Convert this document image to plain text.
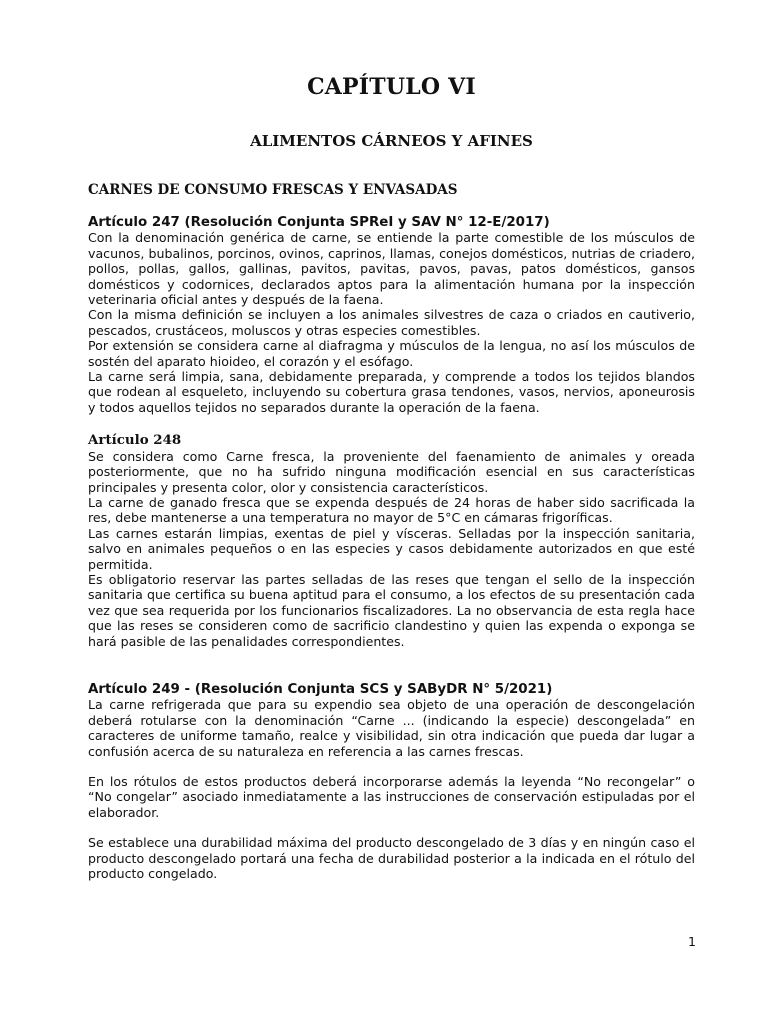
CAPÍTULO VI
ALIMENTOS CÁRNEOS Y AFINES
CARNES DE CONSUMO FRESCAS Y ENVASADAS

Artículo 247 (Resolución Conjunta SPReI y SAV N° 12-E/2017)

Con la denominación genérica de carne, se entiende la parte comestible de los músculos de vacunos, bubalinos, porcinos, ovinos, caprinos, llamas, conejos domésticos, nutrias de criadero, pollos, pollas, gallos, gallinas, pavitos, pavitas, pavos, pavas, patos domésticos, gansos domésticos y codornices, declarados aptos para la alimentación humana por la inspección veterinaria oficial antes y después de la faena.

Con la misma definición se incluyen a los animales silvestres de caza o criados en cautiverio, pescados, crustáceos, moluscos y otras especies comestibles.

Por extensión se considera carne al diafragma y músculos de la lengua, no así los músculos de sostén del aparato hioideo, el corazón y el esófago.

La carne será limpia, sana, debidamente preparada, y comprende a todos los tejidos blandos que rodean al esqueleto, incluyendo su cobertura grasa tendones, vasos, nervios, aponeurosis y todos aquellos tejidos no separados durante la operación de la faena.

Artículo 248

Se considera como Carne fresca, la proveniente del faenamiento de animales y oreada posteriormente, que no ha sufrido ninguna modificación esencial en sus características principales y presenta color, olor y consistencia característicos.

La carne de ganado fresca que se expenda después de 24 horas de haber sido sacrificada la res, debe mantenerse a una temperatura no mayor de 5°C en cámaras frigoríficas.

Las carnes estarán limpias, exentas de piel y vísceras. Selladas por la inspección sanitaria, salvo en animales pequeños o en las especies y casos debidamente autorizados en que esté permitida.

Es obligatorio reservar las partes selladas de las reses que tengan el sello de la inspección sanitaria que certifica su buena aptitud para el consumo, a los efectos de su presentación cada vez que sea requerida por los funcionarios fiscalizadores. La no observancia de esta regla hace que las reses se consideren como de sacrificio clandestino y quien las expenda o exponga se hará pasible de las penalidades correspondientes.

Artículo 249 - (Resolución Conjunta SCS y SAByDR N° 5/2021)

La carne refrigerada que para su expendio sea objeto de una operación de descongelación deberá rotularse con la denominación “Carne ... (indicando la especie) descongelada” en caracteres de uniforme tamaño, realce y visibilidad, sin otra indicación que pueda dar lugar a confusión acerca de su naturaleza en referencia a las carnes frescas.

En los rótulos de estos productos deberá incorporarse además la leyenda “No recongelar” o “No congelar” asociado inmediatamente a las instrucciones de conservación estipuladas por el elaborador.

Se establece una durabilidad máxima del producto descongelado de 3 días y en ningún caso el producto descongelado portará una fecha de durabilidad posterior a la indicada en el rótulo del producto congelado.

1
